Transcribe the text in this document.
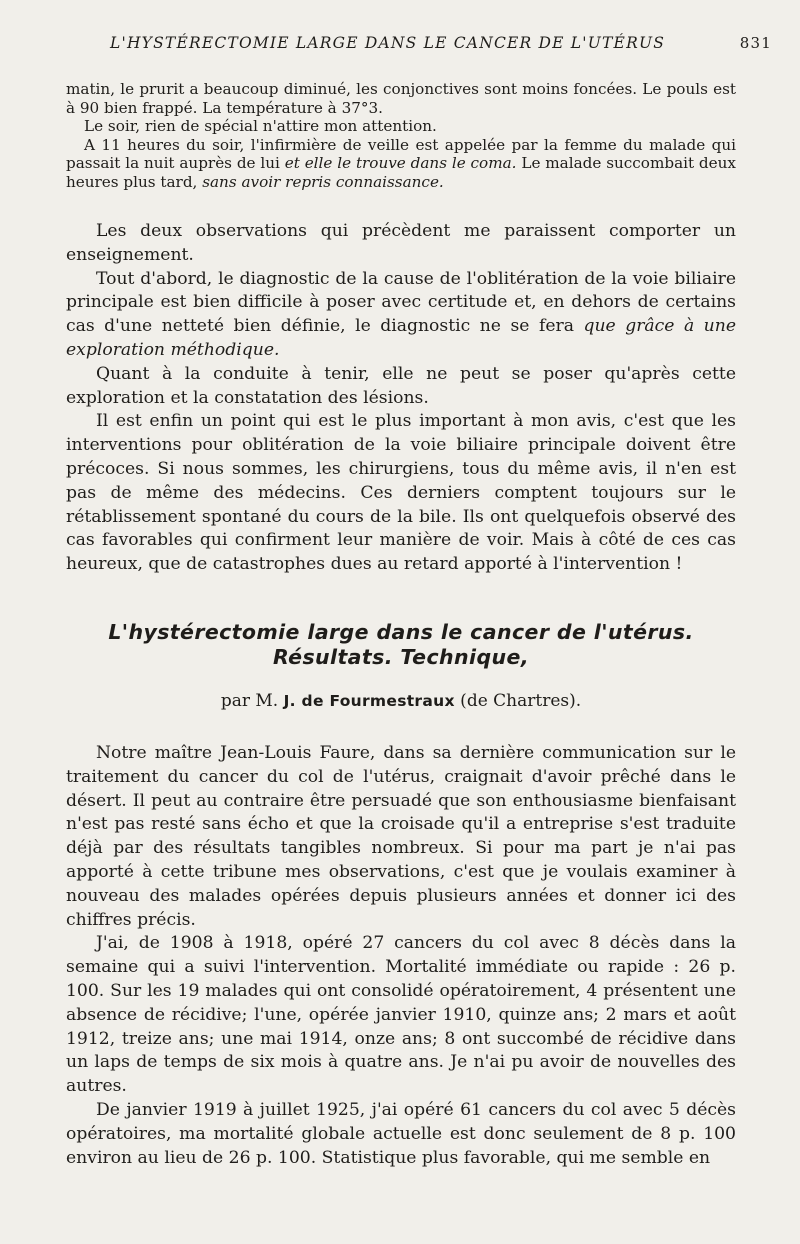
L'HYSTÉRECTOMIE LARGE DANS LE CANCER DE L'UTÉRUS	831

matin, le prurit a beaucoup diminué, les conjonctives sont moins foncées. Le pouls est à 90 bien frappé. La température à 37°3.

Le soir, rien de spécial n'attire mon attention.

A 11 heures du soir, l'infirmière de veille est appelée par la femme du malade qui passait la nuit auprès de lui et elle le trouve dans le coma. Le malade succombait deux heures plus tard, sans avoir repris connaissance.

Les deux observations qui précèdent me paraissent comporter un enseignement.

Tout d'abord, le diagnostic de la cause de l'oblitération de la voie biliaire principale est bien difficile à poser avec certitude et, en dehors de certains cas d'une netteté bien définie, le diagnostic ne se fera que grâce à une exploration méthodique.

Quant à la conduite à tenir, elle ne peut se poser qu'après cette exploration et la constatation des lésions.

Il est enfin un point qui est le plus important à mon avis, c'est que les interventions pour oblitération de la voie biliaire principale doivent être précoces. Si nous sommes, les chirurgiens, tous du même avis, il n'en est pas de même des médecins. Ces derniers comptent toujours sur le rétablissement spontané du cours de la bile. Ils ont quelquefois observé des cas favorables qui confirment leur manière de voir. Mais à côté de ces cas heureux, que de catastrophes dues au retard apporté à l'intervention !

L'hystérectomie large dans le cancer de l'utérus.
Résultats. Technique,
par M. J. de Fourmestraux (de Chartres).

Notre maître Jean-Louis Faure, dans sa dernière communication sur le traitement du cancer du col de l'utérus, craignait d'avoir prêché dans le désert. Il peut au contraire être persuadé que son enthousiasme bienfaisant n'est pas resté sans écho et que la croisade qu'il a entreprise s'est traduite déjà par des résultats tangibles nombreux. Si pour ma part je n'ai pas apporté à cette tribune mes observations, c'est que je voulais examiner à nouveau des malades opérées depuis plusieurs années et donner ici des chiffres précis.

J'ai, de 1908 à 1918, opéré 27 cancers du col avec 8 décès dans la semaine qui a suivi l'intervention. Mortalité immédiate ou rapide : 26 p. 100. Sur les 19 malades qui ont consolidé opératoirement, 4 présentent une absence de récidive; l'une, opérée janvier 1910, quinze ans; 2 mars et août 1912, treize ans; une mai 1914, onze ans; 8 ont succombé de récidive dans un laps de temps de six mois à quatre ans. Je n'ai pu avoir de nouvelles des autres.

De janvier 1919 à juillet 1925, j'ai opéré 61 cancers du col avec 5 décès opératoires, ma mortalité globale actuelle est donc seulement de 8 p. 100 environ au lieu de 26 p. 100. Statistique plus favorable, qui me semble en
